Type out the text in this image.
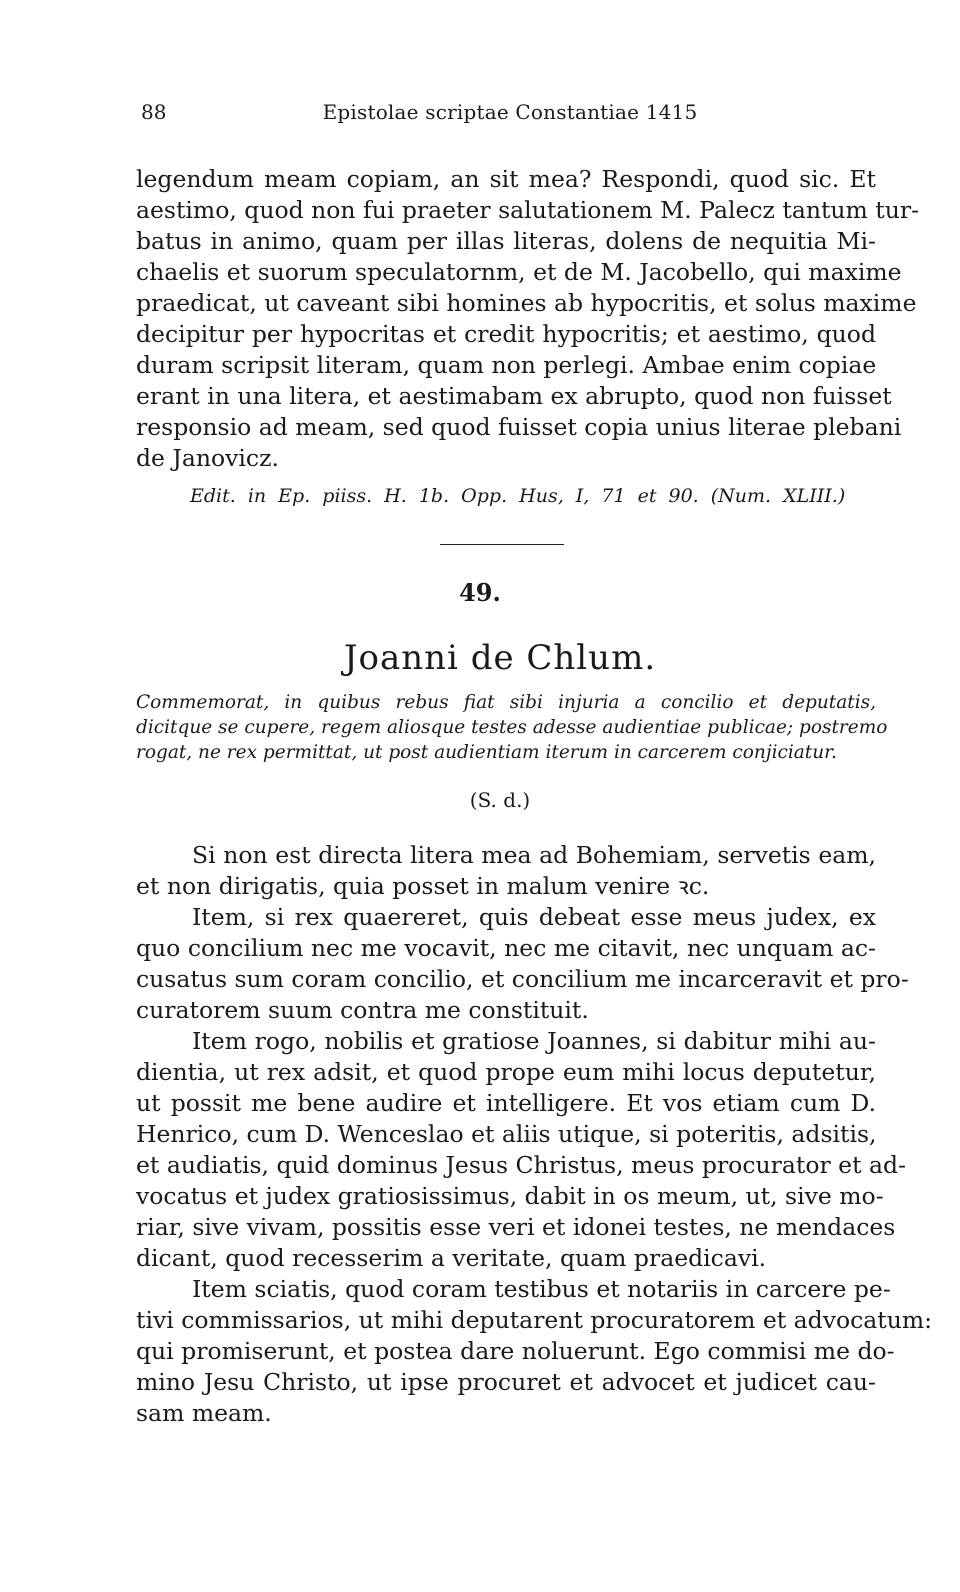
88	Epistolae scriptae Constantiae 1415

legendum meam copiam, an sit mea? Respondi, quod sic. Et
aestimo, quod non fui praeter salutationem M. Palecz tantum tur-
batus in animo, quam per illas literas, dolens de nequitia Mi-
chaelis et suorum speculatornm, et de M. Jacobello, qui maxime
praedicat, ut caveant sibi homines ab hypocritis, et solus maxime
decipitur per hypocritas et credit hypocritis; et aestimo, quod
duram scripsit literam, quam non perlegi. Ambae enim copiae
erant in una litera, et aestimabam ex abrupto, quod non fuisset
responsio ad meam, sed quod fuisset copia unius literae plebani
de Janovicz.

Edit. in Ep. piiss. H. 1b. Opp. Hus, I, 71 et 90. (Num. XLIII.)
49.
Joanni de Chlum.

Commemorat, in quibus rebus fiat sibi injuria a concilio et deputatis,
dicitque se cupere, regem aliosque testes adesse audientiae publicae; postremo
rogat, ne rex permittat, ut post audientiam iterum in carcerem conjiciatur.

(S. d.)

Si non est directa litera mea ad Bohemiam, servetis eam,
et non dirigatis, quia posset in malum venire ꝛc.

Item, si rex quaereret, quis debeat esse meus judex, ex
quo concilium nec me vocavit, nec me citavit, nec unquam ac-
cusatus sum coram concilio, et concilium me incarceravit et pro-
curatorem suum contra me constituit.

Item rogo, nobilis et gratiose Joannes, si dabitur mihi au-
dientia, ut rex adsit, et quod prope eum mihi locus deputetur,
ut possit me bene audire et intelligere. Et vos etiam cum D.
Henrico, cum D. Wenceslao et aliis utique, si poteritis, adsitis,
et audiatis, quid dominus Jesus Christus, meus procurator et ad-
vocatus et judex gratiosissimus, dabit in os meum, ut, sive mo-
riar, sive vivam, possitis esse veri et idonei testes, ne mendaces
dicant, quod recesserim a veritate, quam praedicavi.

Item sciatis, quod coram testibus et notariis in carcere pe-
tivi commissarios, ut mihi deputarent procuratorem et advocatum:
qui promiserunt, et postea dare noluerunt. Ego commisi me do-
mino Jesu Christo, ut ipse procuret et advocet et judicet cau-
sam meam.
